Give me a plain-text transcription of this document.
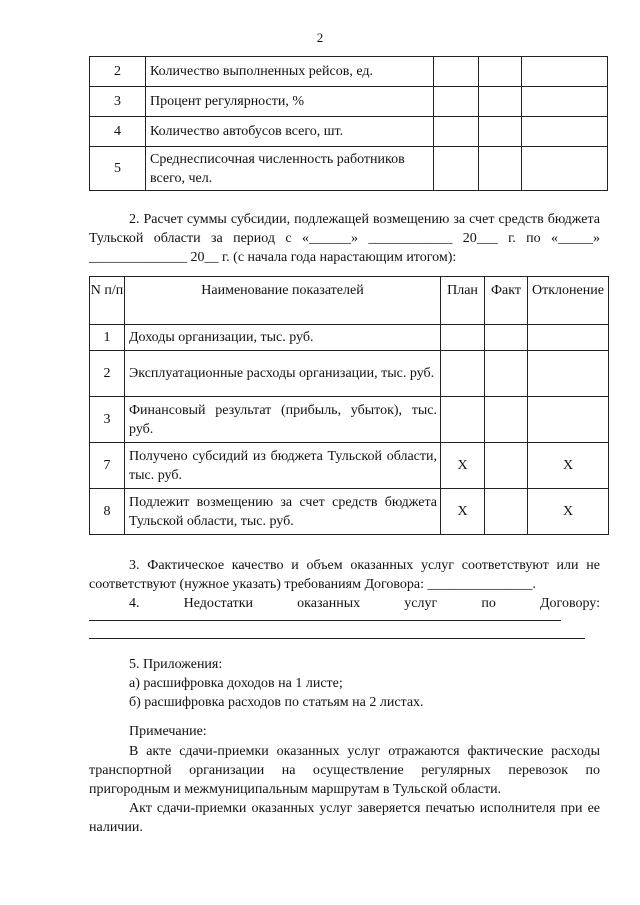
2
2	Количество выполненных рейсов, ед.			
3	Процент регулярности, %			
4	Количество автобусов всего, шт.			
5	Среднесписочная численность работников всего, чел.			
2. Расчет суммы субсидии, подлежащей возмещению за счет средств бюджета Тульской области за период с «______» ____________ 20___ г. по «_____» ______________ 20__ г. (с начала года нарастающим итогом):
N п/п	Наименование показателей	План	Факт	Отклонение
1	Доходы организации, тыс. руб.			
2	Эксплуатационные расходы организации, тыс. руб.			
3	Финансовый результат (прибыль, убыток), тыс. руб.			
7	Получено субсидий из бюджета Тульской области, тыс. руб.	X		X
8	Подлежит возмещению за счет средств бюджета Тульской области, тыс. руб.	X		X
3. Фактическое качество и объем оказанных услуг соответствуют или не соответствуют (нужное указать) требованиям Договора: _______________.
4.	Недостатки	оказанных	услуг	по	Договору:
5. Приложения:
а) расшифровка доходов на 1 листе;
б) расшифровка расходов по статьям на 2 листах.
Примечание:
В акте сдачи-приемки оказанных услуг отражаются фактические расходы транспортной организации на осуществление регулярных перевозок по пригородным и межмуниципальным маршрутам в Тульской области.
Акт сдачи-приемки оказанных услуг заверяется печатью исполнителя при ее наличии.
